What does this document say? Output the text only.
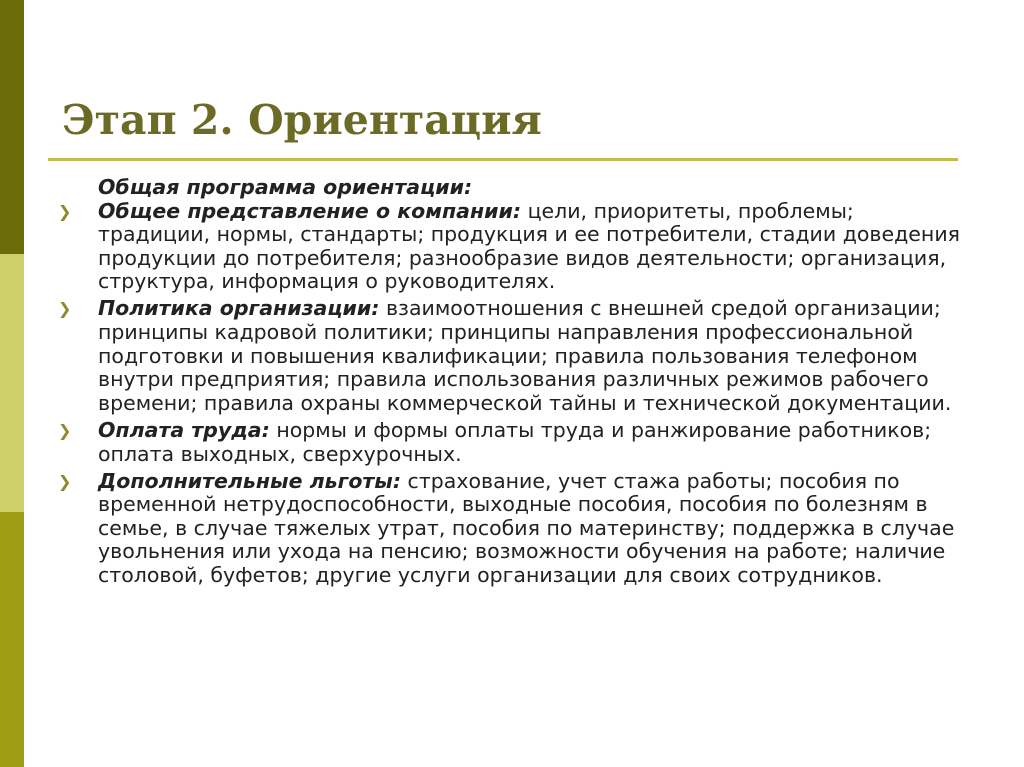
Этап 2. Ориентация
Общая программа ориентации:
❯ Общее представление о компании: цели, приоритеты, проблемы; традиции, нормы, стандарты; продукция и ее потребители, стадии доведения продукции до потребителя; разнообразие видов деятельности; организация, структура, информация о руководителях.
❯ Политика организации: взаимоотношения с внешней средой организации; принципы кадровой политики; принципы направления профессиональной подготовки и повышения квалификации; правила пользования телефоном внутри предприятия; правила использования различных режимов рабочего времени; правила охраны коммерческой тайны и технической документации.
❯ Оплата труда: нормы и формы оплаты труда и ранжирование работников; оплата выходных, сверхурочных.
❯ Дополнительные льготы: страхование, учет стажа работы; пособия по временной нетрудоспособности, выходные пособия, пособия по болезням в семье, в случае тяжелых утрат, пособия по материнству; поддержка в случае увольнения или ухода на пенсию; возможности обучения на работе; наличие столовой, буфетов; другие услуги организации для своих сотрудников.
